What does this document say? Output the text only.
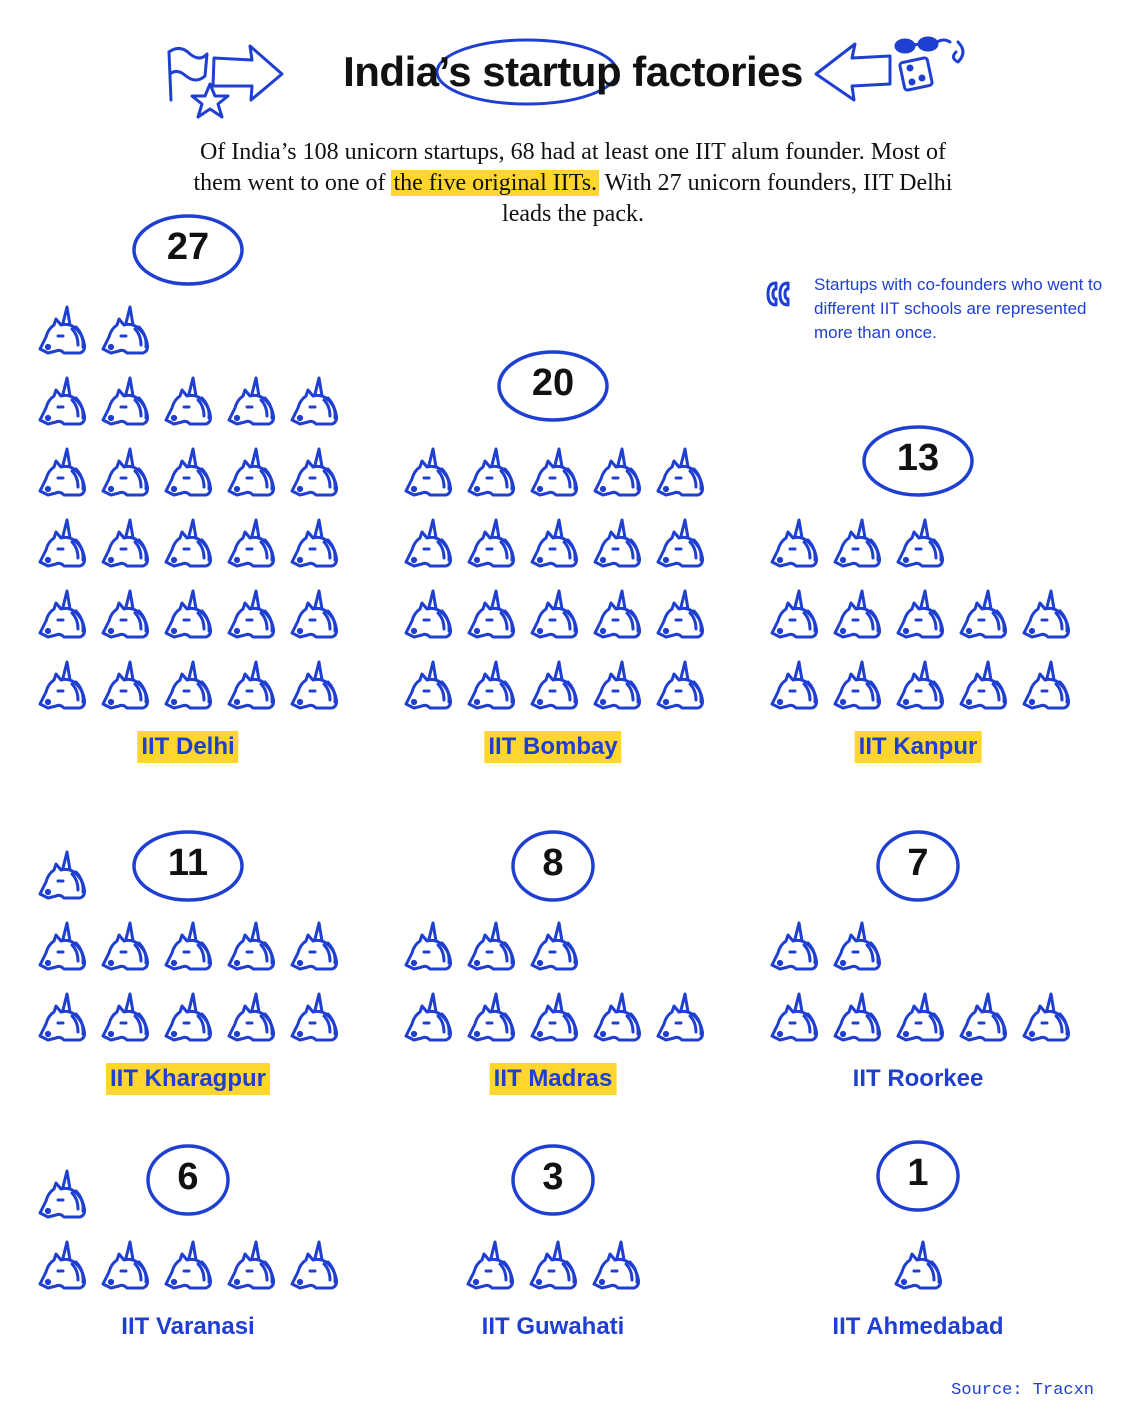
India’s startup factories

Of India’s 108 unicorn startups, 68 had at least one IIT alum founder. Most of them went to one of the five original IITs. With 27 unicorn founders, IIT Delhi leads the pack.

Startups with co-founders who went to different IIT schools are represented more than once.

27
IIT Delhi
20
IIT Bombay
13
IIT Kanpur
11
IIT Kharagpur
8
IIT Madras
7
IIT Roorkee
6
IIT Varanasi
3
IIT Guwahati
1
IIT Ahmedabad
Source: Tracxn
